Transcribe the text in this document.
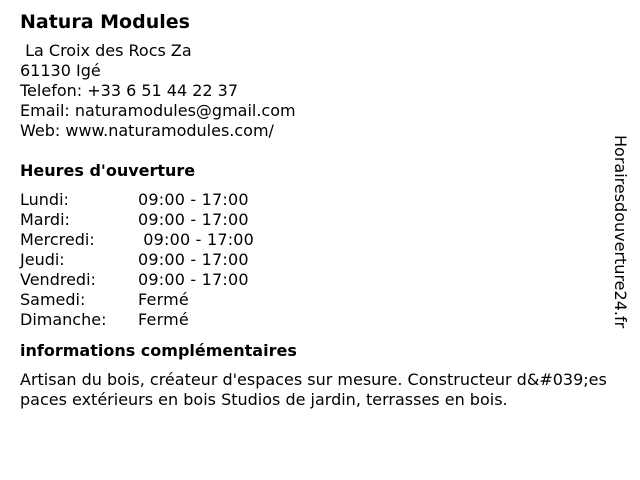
Natura Modules
La Croix des Rocs Za
61130 Igé
Telefon: +33 6 51 44 22 37
Email: naturamodules@gmail.com
Web: www.naturamodules.com/
Heures d'ouverture
Lundi:	09:00 - 17:00
Mardi:	09:00 - 17:00
Mercredi:	09:00 - 17:00
Jeudi:	09:00 - 17:00
Vendredi:	09:00 - 17:00
Samedi:	Fermé
Dimanche:	Fermé
informations complémentaires
Artisan du bois, créateur d'espaces sur mesure. Constructeur d&#039;espaces extérieurs en bois Studios de jardin, terrasses en bois.
Horairesdouverture24.fr
